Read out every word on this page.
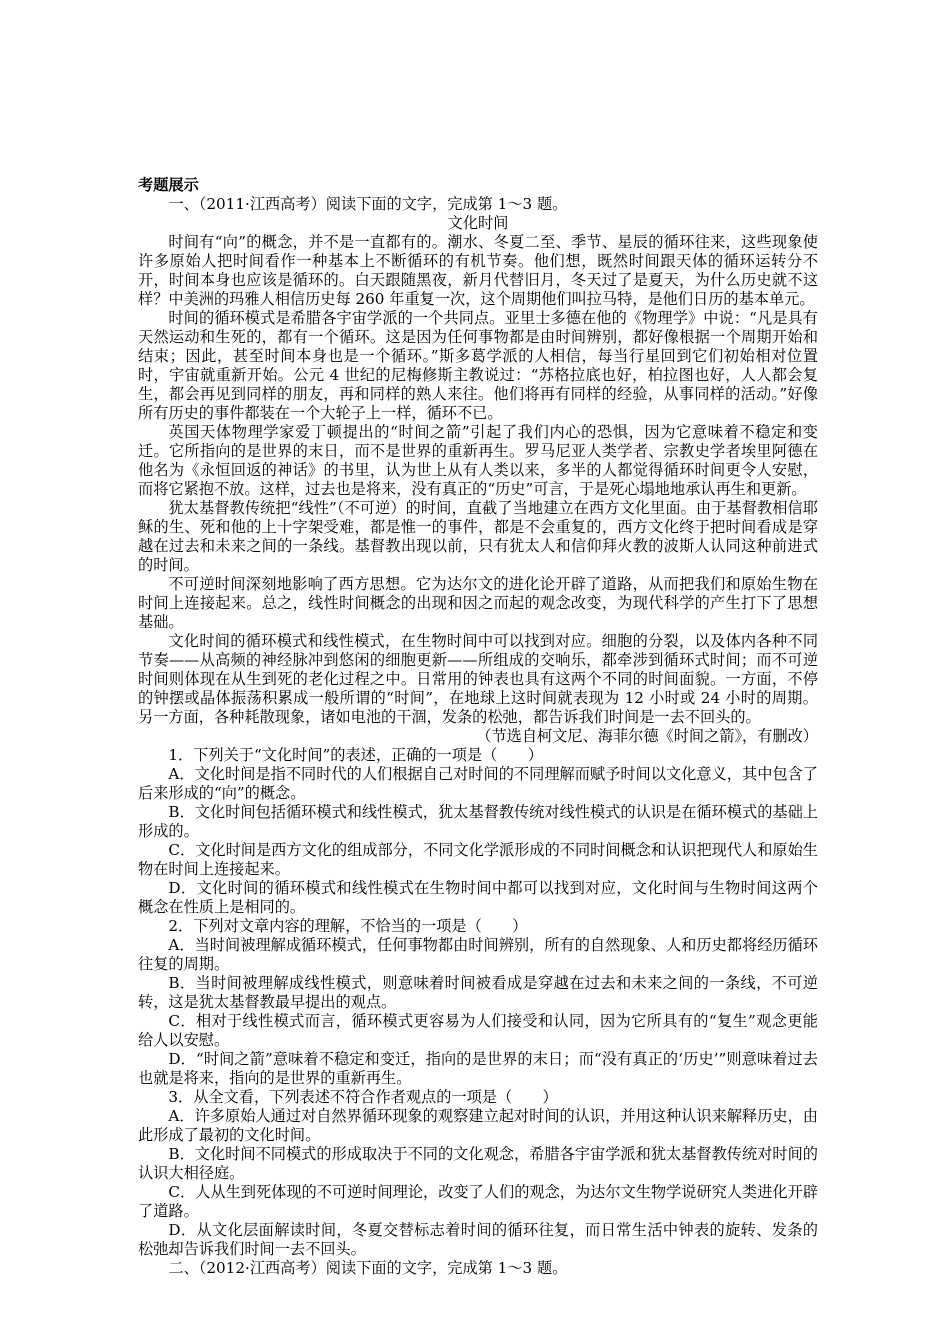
考题展示

一、（2011·江西高考）阅读下面的文字，完成第 1～3 题。

文化时间

时间有“向”的概念，并不是一直都有的。潮水、冬夏二至、季节、星辰的循环往来，这些现象使许多原始人把时间看作一种基本上不断循环的有机节奏。他们想，既然时间跟天体的循环运转分不开，时间本身也应该是循环的。白天跟随黑夜，新月代替旧月，冬天过了是夏天，为什么历史就不这样？中美洲的玛雅人相信历史每 260 年重复一次，这个周期他们叫拉马特，是他们日历的基本单元。

时间的循环模式是希腊各宇宙学派的一个共同点。亚里士多德在他的《物理学》中说：“凡是具有天然运动和生死的，都有一个循环。这是因为任何事物都是由时间辨别，都好像根据一个周期开始和结束；因此，甚至时间本身也是一个循环。”斯多葛学派的人相信，每当行星回到它们初始相对位置时，宇宙就重新开始。公元 4 世纪的尼梅修斯主教说过：“苏格拉底也好，柏拉图也好，人人都会复生，都会再见到同样的朋友，再和同样的熟人来往。他们将再有同样的经验，从事同样的活动。”好像所有历史的事件都装在一个大轮子上一样，循环不已。

英国天体物理学家爱丁顿提出的“时间之箭”引起了我们内心的恐惧，因为它意味着不稳定和变迁。它所指向的是世界的末日，而不是世界的重新再生。罗马尼亚人类学者、宗教史学者埃里阿德在他名为《永恒回返的神话》的书里，认为世上从有人类以来，多半的人都觉得循环时间更令人安慰，而将它紧抱不放。这样，过去也是将来，没有真正的“历史”可言，于是死心塌地地承认再生和更新。

犹太基督教传统把“线性”（不可逆）的时间，直截了当地建立在西方文化里面。由于基督教相信耶稣的生、死和他的上十字架受难，都是惟一的事件，都是不会重复的，西方文化终于把时间看成是穿越在过去和未来之间的一条线。基督教出现以前，只有犹太人和信仰拜火教的波斯人认同这种前进式的时间。

不可逆时间深刻地影响了西方思想。它为达尔文的进化论开辟了道路，从而把我们和原始生物在时间上连接起来。总之，线性时间概念的出现和因之而起的观念改变，为现代科学的产生打下了思想基础。

文化时间的循环模式和线性模式，在生物时间中可以找到对应。细胞的分裂，以及体内各种不同节奏——从高频的神经脉冲到悠闲的细胞更新——所组成的交响乐，都牵涉到循环式时间；而不可逆时间则体现在从生到死的老化过程之中。日常用的钟表也具有这两个不同的时间面貌。一方面，不停的钟摆或晶体振荡积累成一般所谓的“时间”，在地球上这时间就表现为 12 小时或 24 小时的周期。另一方面，各种耗散现象，诸如电池的干涸，发条的松弛，都告诉我们时间是一去不回头的。

（节选自柯文尼、海菲尔德《时间之箭》，有删改）

1．下列关于“文化时间”的表述，正确的一项是（　　）

A．文化时间是指不同时代的人们根据自己对时间的不同理解而赋予时间以文化意义，其中包含了后来形成的“向”的概念。

B．文化时间包括循环模式和线性模式，犹太基督教传统对线性模式的认识是在循环模式的基础上形成的。

C．文化时间是西方文化的组成部分，不同文化学派形成的不同时间概念和认识把现代人和原始生物在时间上连接起来。

D．文化时间的循环模式和线性模式在生物时间中都可以找到对应，文化时间与生物时间这两个概念在性质上是相同的。

2．下列对文章内容的理解，不恰当的一项是（　　）

A．当时间被理解成循环模式，任何事物都由时间辨别，所有的自然现象、人和历史都将经历循环往复的周期。

B．当时间被理解成线性模式，则意味着时间被看成是穿越在过去和未来之间的一条线，不可逆转，这是犹太基督教最早提出的观点。

C．相对于线性模式而言，循环模式更容易为人们接受和认同，因为它所具有的“复生”观念更能给人以安慰。

D．“时间之箭”意味着不稳定和变迁，指向的是世界的末日；而“没有真正的‘历史’”则意味着过去也就是将来，指向的是世界的重新再生。

3．从全文看，下列表述不符合作者观点的一项是（　　）

A．许多原始人通过对自然界循环现象的观察建立起对时间的认识，并用这种认识来解释历史，由此形成了最初的文化时间。

B．文化时间不同模式的形成取决于不同的文化观念，希腊各宇宙学派和犹太基督教传统对时间的认识大相径庭。

C．人从生到死体现的不可逆时间理论，改变了人们的观念，为达尔文生物学说研究人类进化开辟了道路。

D．从文化层面解读时间，冬夏交替标志着时间的循环往复，而日常生活中钟表的旋转、发条的松弛却告诉我们时间一去不回头。

二、（2012·江西高考）阅读下面的文字，完成第 1～3 题。
